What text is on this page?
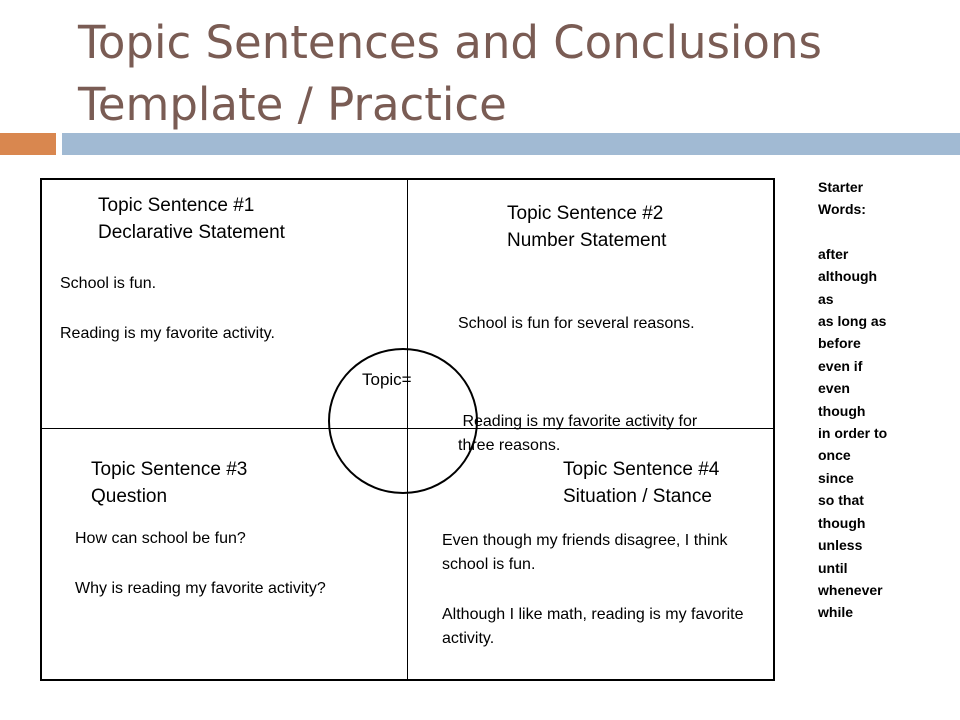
Topic Sentences and Conclusions
Template / Practice
Topic Sentence #1
Declarative Statement

School is fun.

Reading is my favorite activity.

Topic Sentence #2
Number Statement

School is fun for several reasons.

Reading is my favorite activity for three reasons.

Topic Sentence #3
Question

How can school be fun?

Why is reading my favorite activity?

Topic Sentence #4
Situation / Stance

Even though my friends disagree, I think school is fun.

Although I like math, reading is my favorite activity.

Topic=
Starter
Words:
after
although
as
as long as
before
even if
even
though
in order to
once
since
so that
though
unless
until
whenever
while
